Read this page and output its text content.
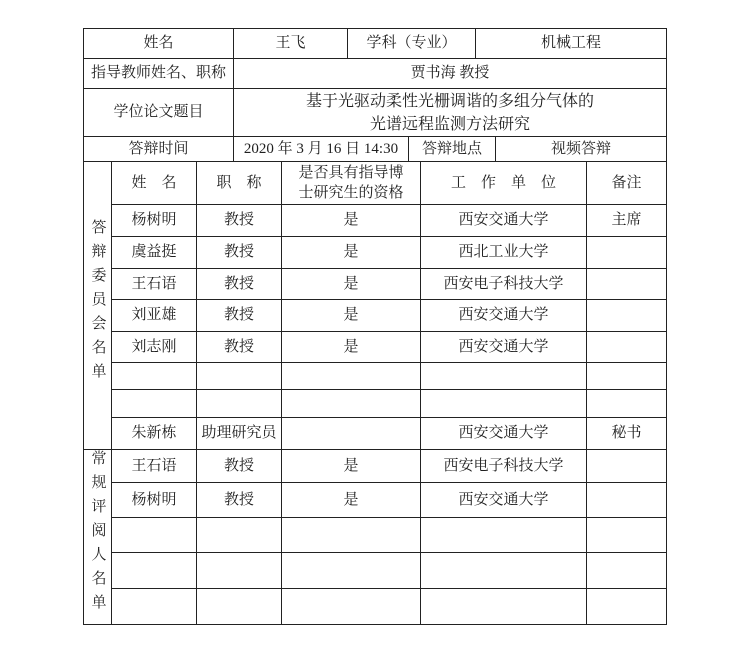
姓名	王飞	学科（专业）		机械工程	
指导教师姓名、职称	贾书海 教授				
学位论文题目	基于光驱动柔性光栅调谐的多组分气体的
光谱远程监测方法研究				

答辩时间	2020 年 3 月 16 日 14:30		答辩地点		视频答辩
答辩委员会名单	姓　名	职　称	是否具有指导博士研究生的资格	工　作　单　位	备注
	杨树明	教授	是	西安交通大学	主席
	虞益挺	教授	是	西北工业大学	
	王石语	教授	是	西安电子科技大学	
	刘亚雄	教授	是	西安交通大学	
	刘志刚	教授	是	西安交通大学	

	朱新栋	助理研究员		西安交通大学	秘书
常规评阅人名单	王石语	教授	是	西安电子科技大学	
	杨树明	教授	是	西安交通大学	
